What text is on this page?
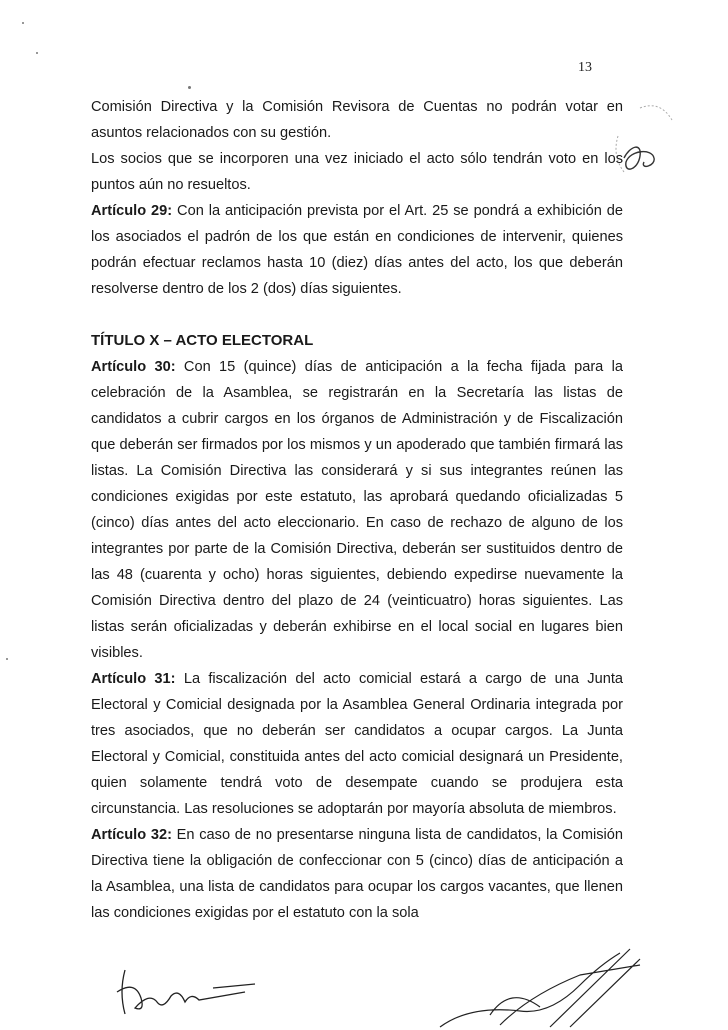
13

Comisión Directiva y la Comisión Revisora de Cuentas no podrán votar en asuntos relacionados con su gestión.

Los socios que se incorporen una vez iniciado el acto sólo tendrán voto en los puntos aún no resueltos.

Artículo 29: Con la anticipación prevista por el Art. 25 se pondrá a exhibición de los asociados el padrón de los que están en condiciones de intervenir, quienes podrán efectuar reclamos hasta 10 (diez) días antes del acto, los que deberán resolverse dentro de los 2 (dos) días siguientes.

TÍTULO X – ACTO ELECTORAL

Artículo 30: Con 15 (quince) días de anticipación a la fecha fijada para la celebración de la Asamblea, se registrarán en la Secretaría las listas de candidatos a cubrir cargos en los órganos de Administración y de Fiscalización que deberán ser firmados por los mismos y un apoderado que también firmará las listas. La Comisión Directiva las considerará y si sus integrantes reúnen las condiciones exigidas por este estatuto, las aprobará quedando oficializadas 5 (cinco) días antes del acto eleccionario. En caso de rechazo de alguno de los integrantes por parte de la Comisión Directiva, deberán ser sustituidos dentro de las 48 (cuarenta y ocho) horas siguientes, debiendo expedirse nuevamente la Comisión Directiva dentro del plazo de 24 (veinticuatro) horas siguientes. Las listas serán oficializadas y deberán exhibirse en el local social en lugares bien visibles.

Artículo 31: La fiscalización del acto comicial estará a cargo de una Junta Electoral y Comicial designada por la Asamblea General Ordinaria integrada por tres asociados, que no deberán ser candidatos a ocupar cargos. La Junta Electoral y Comicial, constituida antes del acto comicial designará un Presidente, quien solamente tendrá voto de desempate cuando se produjera esta circunstancia. Las resoluciones se adoptarán por mayoría absoluta de miembros.

Artículo 32: En caso de no presentarse ninguna lista de candidatos, la Comisión Directiva tiene la obligación de confeccionar con 5 (cinco) días de anticipación a la Asamblea, una lista de candidatos para ocupar los cargos vacantes, que llenen las condiciones exigidas por el estatuto con la sola
